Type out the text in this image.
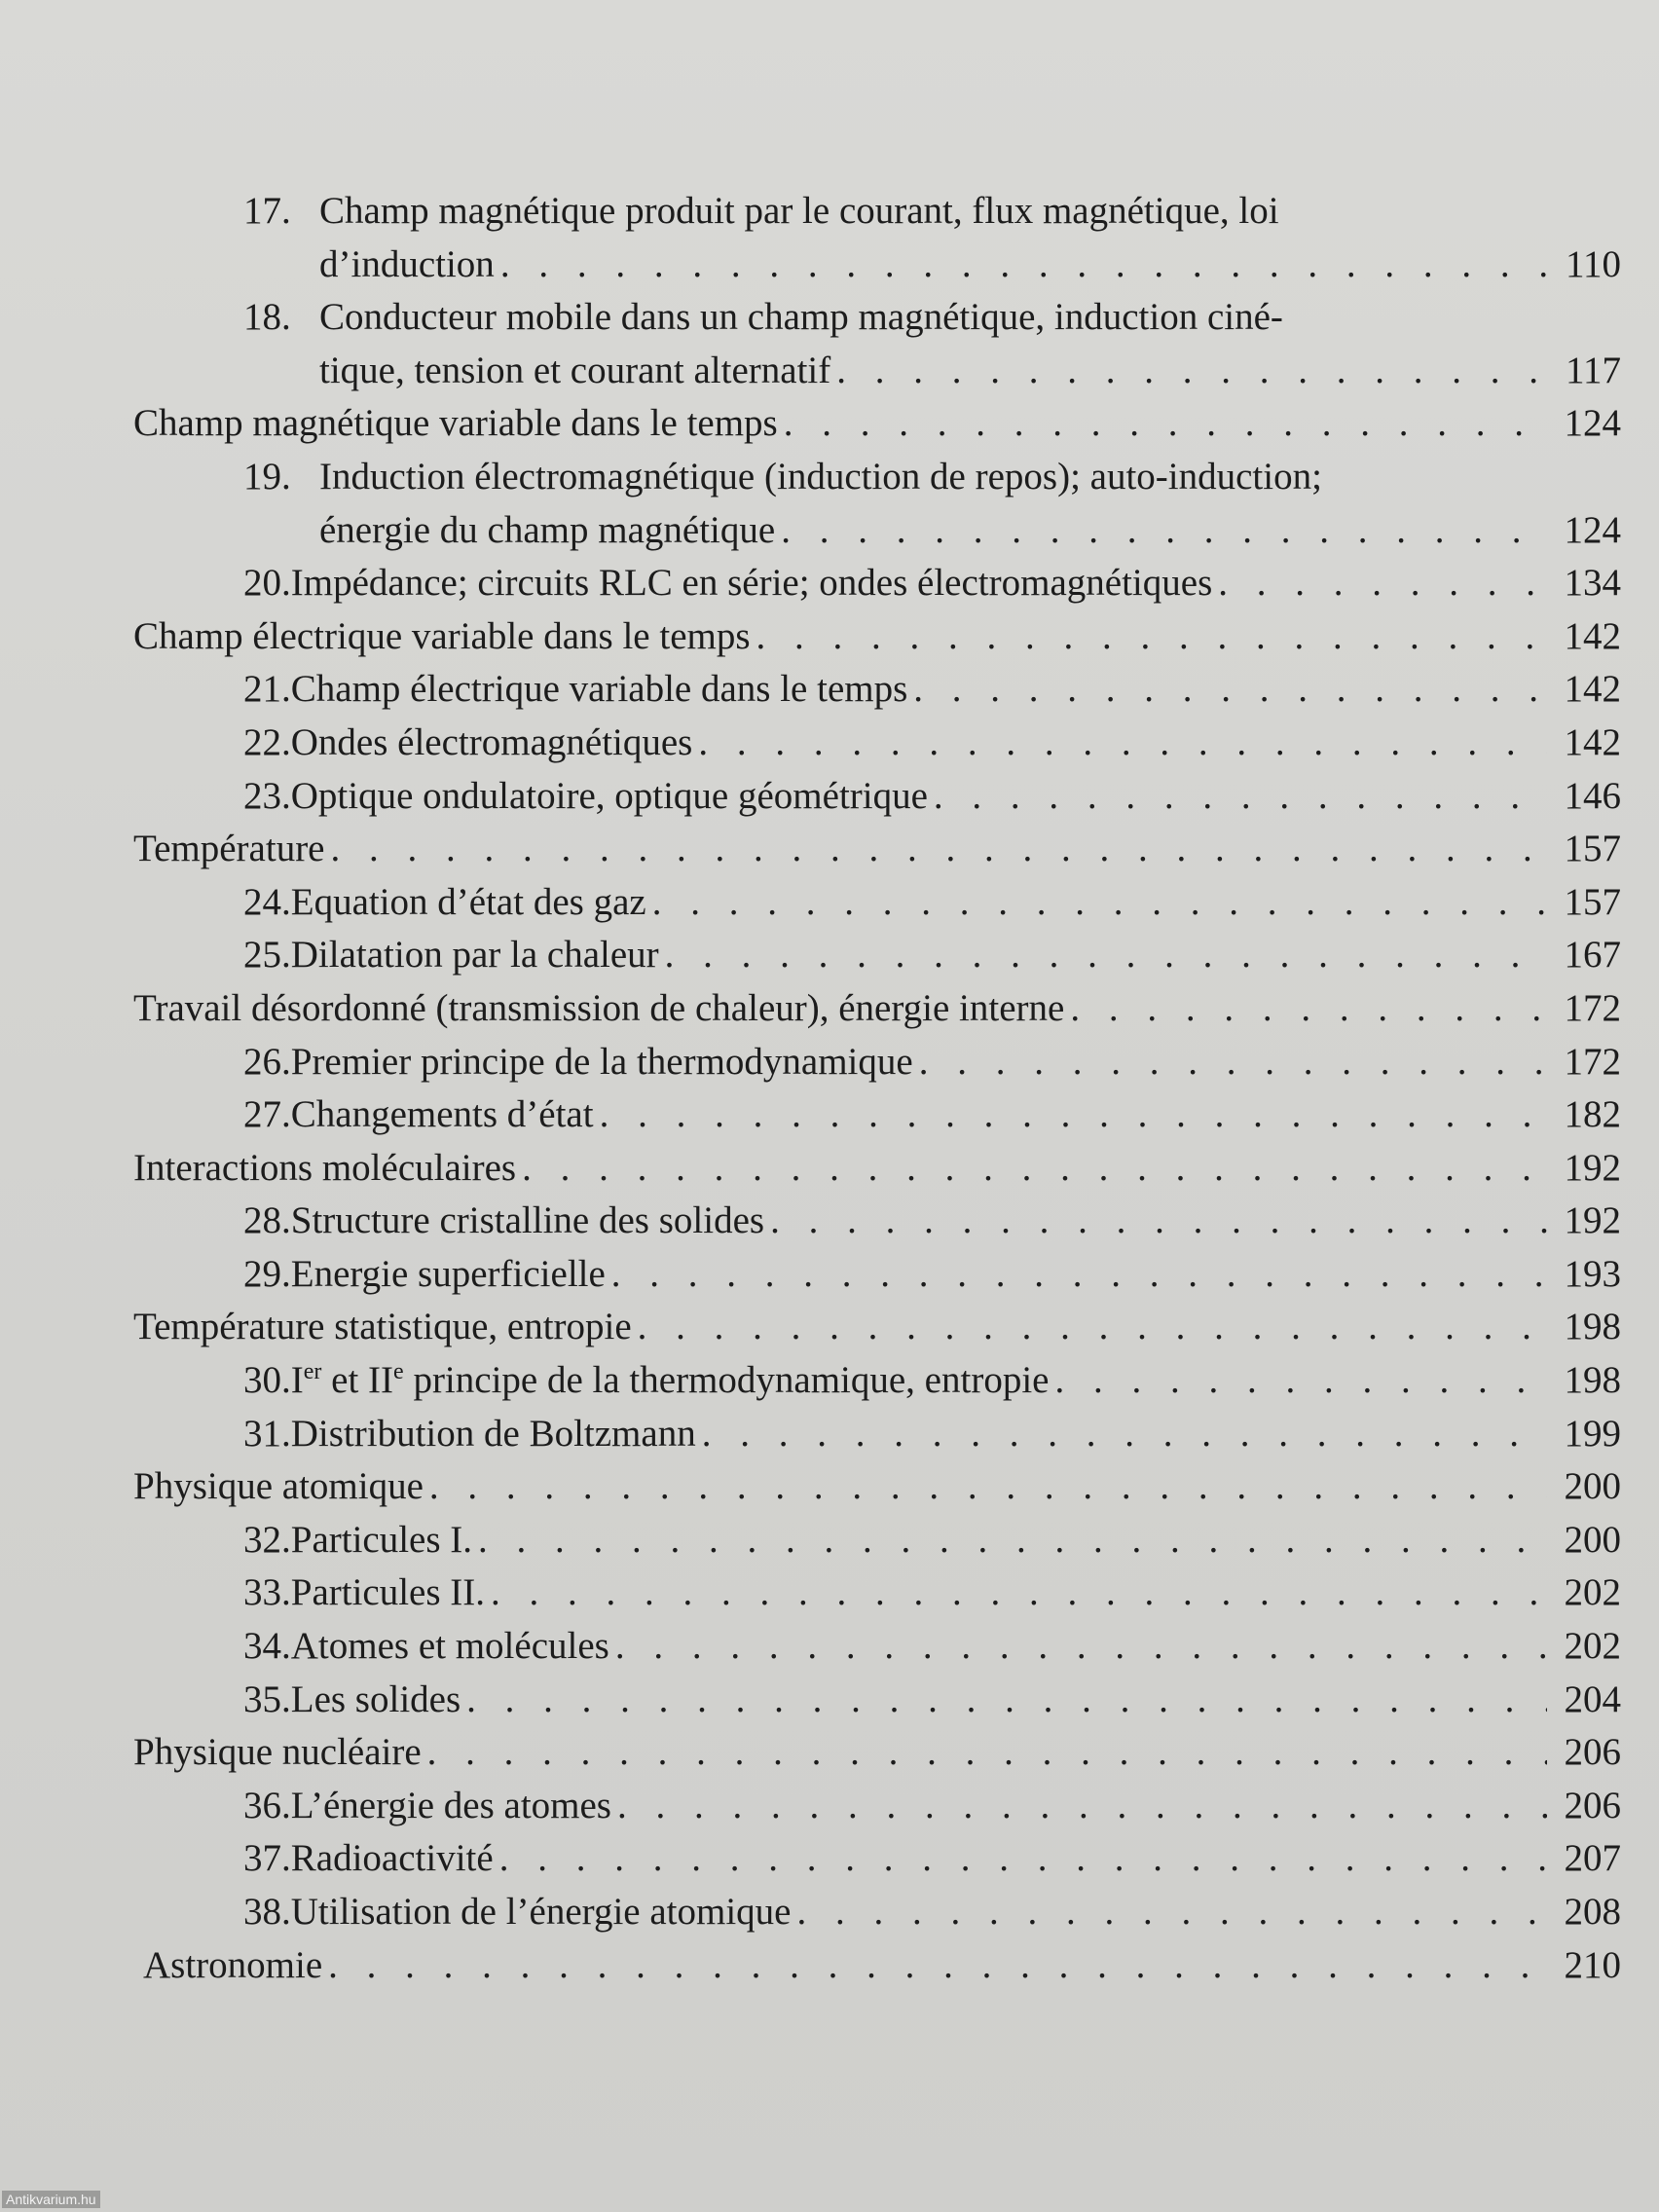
17. Champ magnétique produit par le courant, flux magnétique, loi
d’induction . . .	110
18. Conducteur mobile dans un champ magnétique, induction ciné-
tique, tension et courant alternatif . . .	117
Champ magnétique variable dans le temps . . .	124
19. Induction électromagnétique (induction de repos); auto-induction;
énergie du champ magnétique . . .	124
20. Impédance; circuits RLC en série; ondes électromagnétiques . . .	134
Champ électrique variable dans le temps . . .	142
21. Champ électrique variable dans le temps . . .	142
22. Ondes électromagnétiques . . .	142
23. Optique ondulatoire, optique géométrique . . .	146
Température . . .	157
24. Equation d’état des gaz . . .	157
25. Dilatation par la chaleur . . .	167
Travail désordonné (transmission de chaleur), énergie interne . . .	172
26. Premier principe de la thermodynamique . . .	172
27. Changements d’état . . .	182
Interactions moléculaires . . .	192
28. Structure cristalline des solides . . .	192
29. Energie superficielle . . .	193
Température statistique, entropie . . .	198
30. Ier et IIe principe de la thermodynamique, entropie . . .	198
31. Distribution de Boltzmann . . .	199
Physique atomique . . .	200
32. Particules I. . . .	200
33. Particules II. . . .	202
34. Atomes et molécules . . .	202
35. Les solides . . .	204
Physique nucléaire . . .	206
36. L’énergie des atomes . . .	206
37. Radioactivité . . .	207
38. Utilisation de l’énergie atomique . . .	208
Astronomie . . .	210
Antikvarium.hu
